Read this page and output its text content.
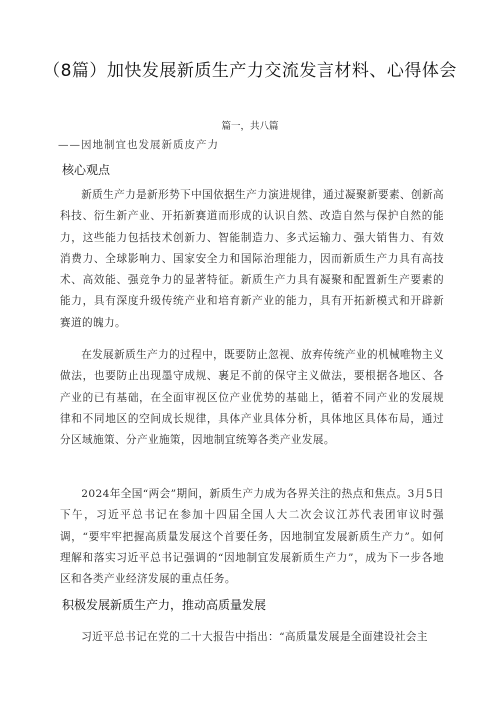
（8篇）加快发展新质生产力交流发言材料、心得体会
篇一，共八篇
——因地制宜也发展新质皮产力
核心观点

新质生产力是新形势下中国依据生产力演进规律，通过凝聚新要素、创新高科技、衍生新产业、开拓新赛道而形成的认识自然、改造自然与保护自然的能力，这些能力包括技术创新力、智能制造力、多式运输力、强大销售力、有效消费力、全球影响力、国家安全力和国际治理能力，因而新质生产力具有高技术、高效能、强竞争力的显著特征。新质生产力具有凝聚和配置新生产要素的能力，具有深度升级传统产业和培育新产业的能力，具有开拓新模式和开辟新赛道的魄力。

在发展新质生产力的过程中，既要防止忽视、放弃传统产业的机械唯物主义做法，也要防止出现墨守成规、裹足不前的保守主义做法，要根据各地区、各产业的已有基础，在全面审视区位产业优势的基础上，循着不同产业的发展规律和不同地区的空间成长规律，具体产业具体分析，具体地区具体布局，通过分区域施策、分产业施策，因地制宜统筹各类产业发展。

2024年全国“两会”期间，新质生产力成为各界关注的热点和焦点。3月5日下午，习近平总书记在参加十四届全国人大二次会议江苏代表团审议时强调，“要牢牢把握高质量发展这个首要任务，因地制宜发展新质生产力”。如何理解和落实习近平总书记强调的“因地制宜发展新质生产力”，成为下一步各地区和各类产业经济发展的重点任务。

积极发展新质生产力，推动高质量发展

习近平总书记在党的二十大报告中指出：“高质量发展是全面建设社会主
